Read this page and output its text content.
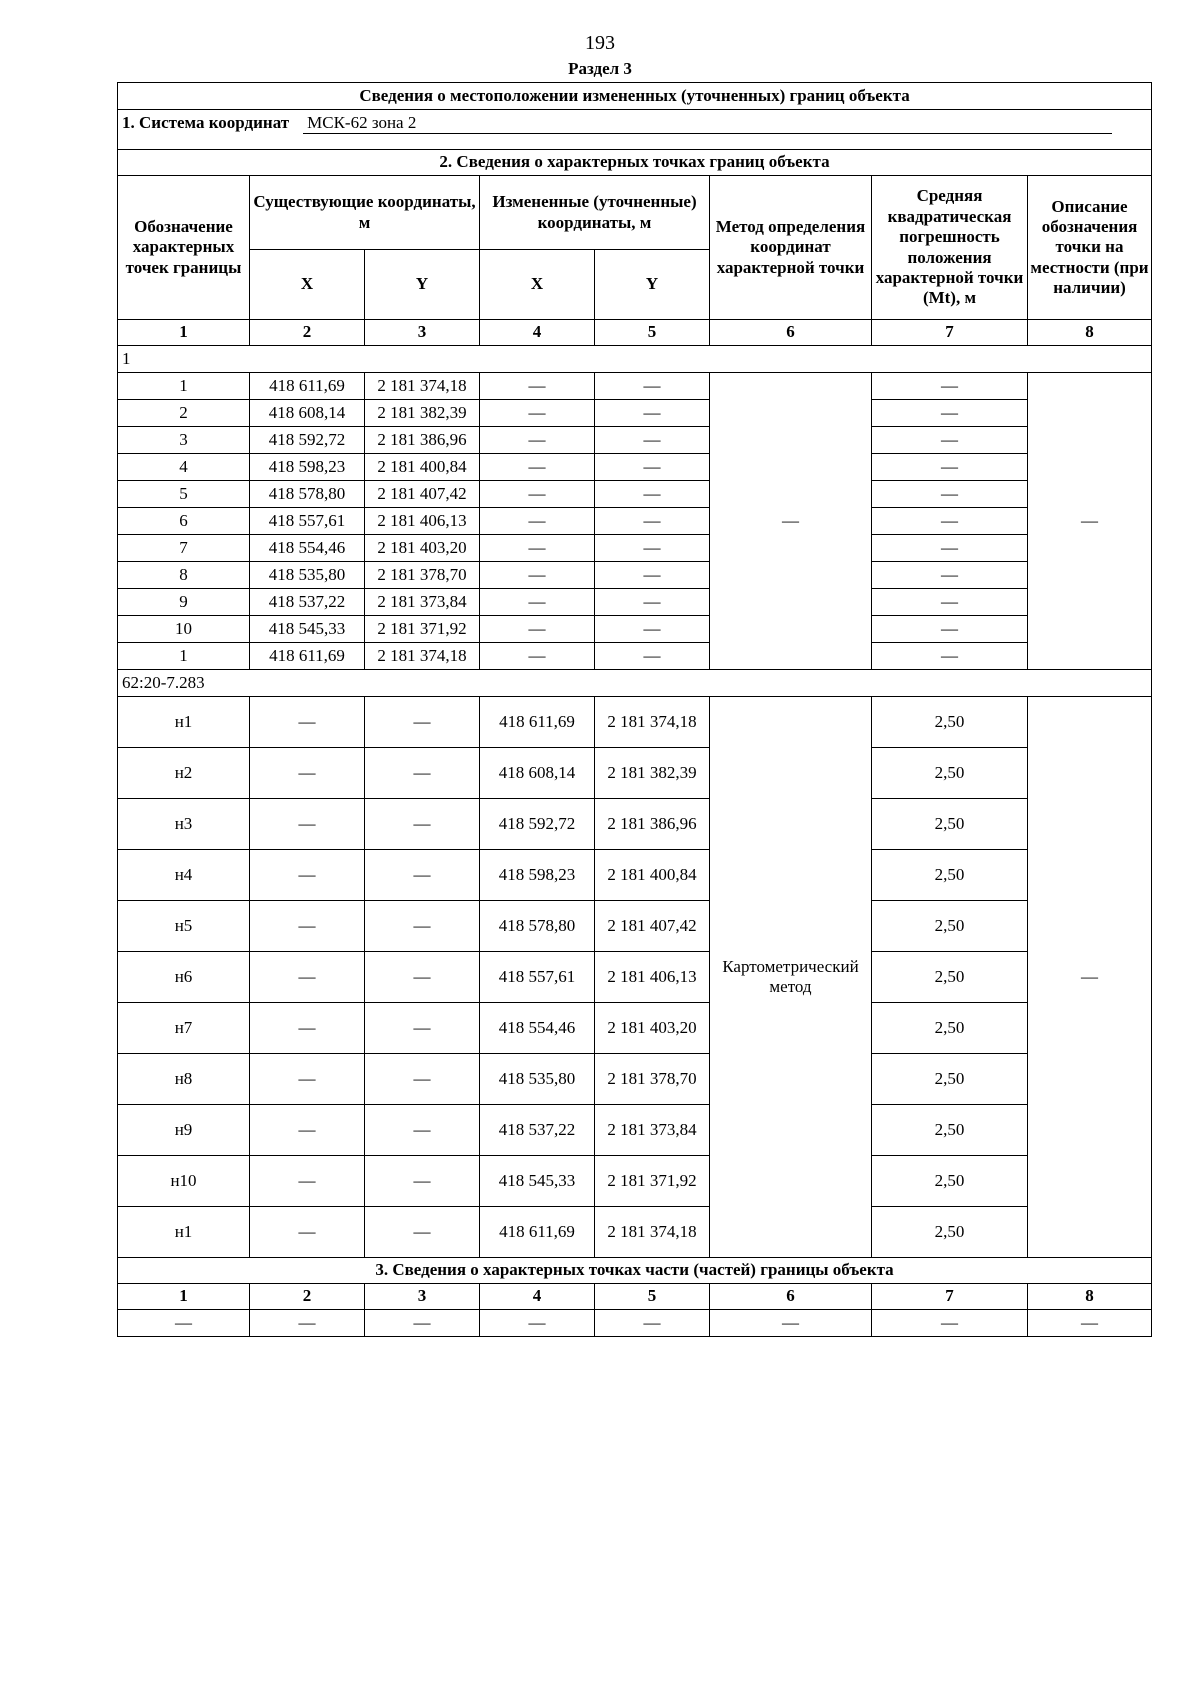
193
Раздел 3
Сведения о местоположении измененных (уточненных) границ объекта							
1. Система координат МСК-62 зона 2							
2. Сведения о характерных точках границ объекта							
Обозначение характерных точек границы	Существующие координаты, м		Измененные (уточненные) координаты, м		Метод определения координат характерной точки	Средняя квадратическая погрешность положения характерной точки (Mt), м	Описание обозначения точки на местности (при наличии)
	X	Y	X	Y			
1	2	3	4	5	6	7	8
1							
1	418 611,69	2 181 374,18	—	—	—	—	—
2	418 608,14	2 181 382,39	—	—		—	
3	418 592,72	2 181 386,96	—	—		—	
4	418 598,23	2 181 400,84	—	—		—	
5	418 578,80	2 181 407,42	—	—		—	
6	418 557,61	2 181 406,13	—	—		—	
7	418 554,46	2 181 403,20	—	—		—	
8	418 535,80	2 181 378,70	—	—		—	
9	418 537,22	2 181 373,84	—	—		—	
10	418 545,33	2 181 371,92	—	—		—	
1	418 611,69	2 181 374,18	—	—		—	
62:20-7.283							
н1	—	—	418 611,69	2 181 374,18	Картометрический метод	2,50	—
н2	—	—	418 608,14	2 181 382,39		2,50	
н3	—	—	418 592,72	2 181 386,96		2,50	
н4	—	—	418 598,23	2 181 400,84		2,50	
н5	—	—	418 578,80	2 181 407,42		2,50	
н6	—	—	418 557,61	2 181 406,13		2,50	
н7	—	—	418 554,46	2 181 403,20		2,50	
н8	—	—	418 535,80	2 181 378,70		2,50	
н9	—	—	418 537,22	2 181 373,84		2,50	
н10	—	—	418 545,33	2 181 371,92		2,50	
н1	—	—	418 611,69	2 181 374,18		2,50	
3. Сведения о характерных точках части (частей) границы объекта							
1	2	3	4	5	6	7	8
—	—	—	—	—	—	—	—
